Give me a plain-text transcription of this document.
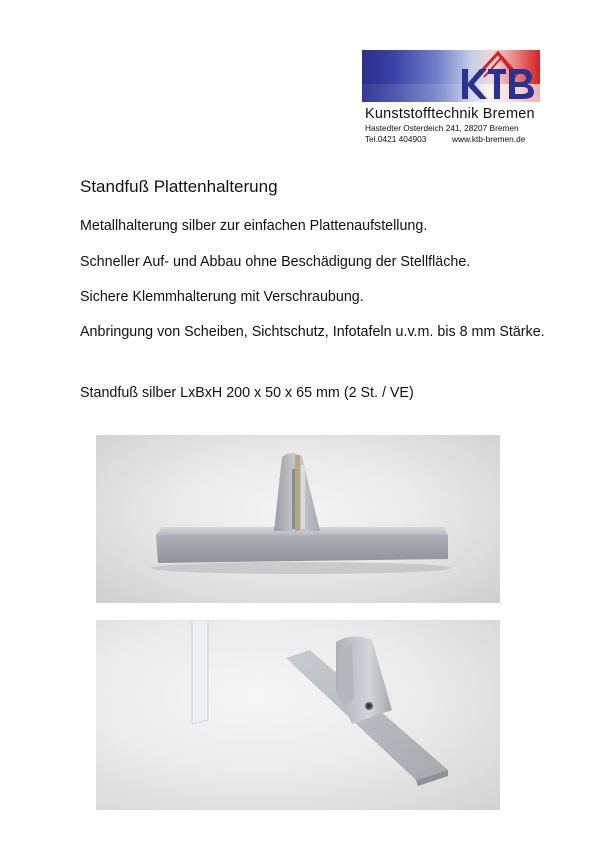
Kunststofftechnik Bremen
Hastedter Osterdeich 241, 28207 Bremen
Tel.0421 404903	www.ktb-bremen.de
Standfuß Plattenhalterung
Metallhalterung silber zur einfachen Plattenaufstellung.
Schneller Auf- und Abbau ohne Beschädigung der Stellfläche.
Sichere Klemmhalterung mit Verschraubung.
Anbringung von Scheiben, Sichtschutz, Infotafeln u.v.m. bis 8 mm Stärke.
Standfuß silber LxBxH 200 x 50 x 65 mm (2 St. / VE)
